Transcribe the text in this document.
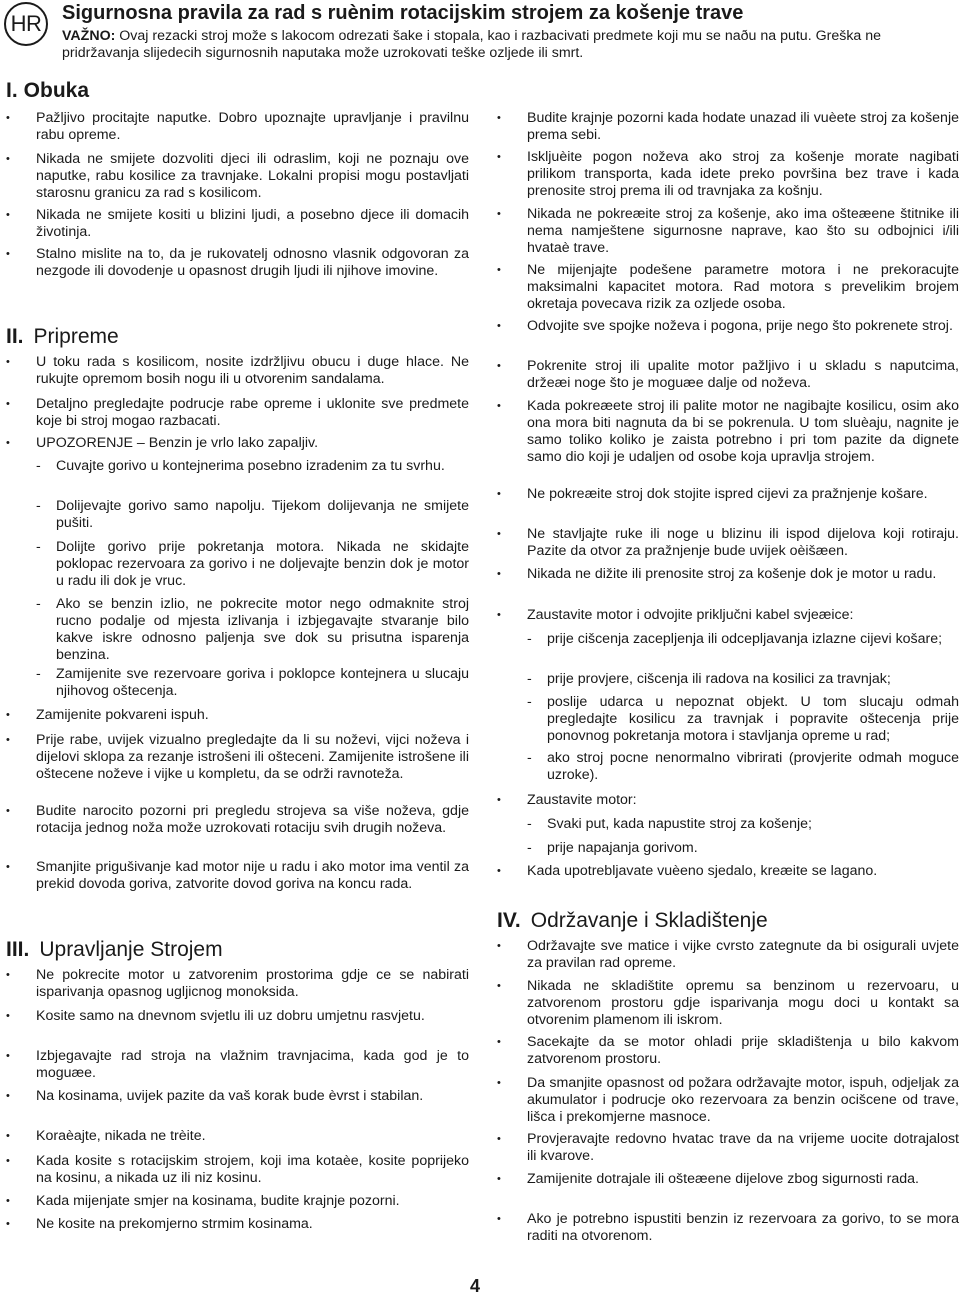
HR	Sigurnosna pravila za rad s ruènim rotacijskim strojem za košenje trave

VAŽNO: Ovaj rezacki stroj može s lakocom odrezati šake i stopala, kao i razbacivati predmete koji mu se naðu na putu. Greška ne pridržavanja slijedecih sigurnosnih naputaka može uzrokovati teške ozljede ili smrt.

I. Obuka
•	Pažljivo procitajte naputke. Dobro upoznajte upravljanje i pravilnu rabu opreme.
•	Nikada ne smijete dozvoliti djeci ili odraslim, koji ne poznaju ove naputke, rabu kosilice za travnjake. Lokalni propisi mogu postavljati starosnu granicu za rad s kosilicom.
•	Nikada ne smijete kositi u blizini ljudi, a posebno djece ili domacih životinja.
•	Stalno mislite na to, da je rukovatelj odnosno vlasnik odgovoran za nezgode ili dovodenje u opasnost drugih ljudi ili njihove imovine.
II. Pripreme
•	U toku rada s kosilicom, nosite izdržljivu obucu i duge hlace. Ne rukujte opremom bosih nogu ili u otvorenim sandalama.
•	Detaljno pregledajte podrucje rabe opreme i uklonite sve predmete koje bi stroj mogao razbacati.
•	UPOZORENJE – Benzin je vrlo lako zapaljiv.
-	Cuvajte gorivo u kontejnerima posebno izradenim za tu svrhu.
-	Dolijevajte gorivo samo napolju. Tijekom dolijevanja ne smijete pušiti.
-	Dolijte gorivo prije pokretanja motora. Nikada ne skidajte poklopac rezervoara za gorivo i ne doljevajte benzin dok je motor u radu ili dok je vruc.
-	Ako se benzin izlio, ne pokrecite motor nego odmaknite stroj rucno podalje od mjesta izlivanja i izbjegavajte stvaranje bilo kakve iskre odnosno paljenja sve dok su prisutna isparenja benzina.
-	Zamijenite sve rezervoare goriva i poklopce kontejnera u slucaju njihovog oštecenja.
•	Zamijenite pokvareni ispuh.
•	Prije rabe, uvijek vizualno pregledajte da li su noževi, vijci noževa i dijelovi sklopa za rezanje istrošeni ili ošteceni. Zamijenite istrošene ili oštecene noževe i vijke u kompletu, da se održi ravnoteža.
•	Budite narocito pozorni pri pregledu strojeva sa više noževa, gdje rotacija jednog noža može uzrokovati rotaciju svih drugih noževa.
•	Smanjite prigušivanje kad motor nije u radu i ako motor ima ventil za prekid dovoda goriva, zatvorite dovod goriva na koncu rada.
III. Upravljanje Strojem
•	Ne pokrecite motor u zatvorenim prostorima gdje ce se nabirati isparivanja opasnog ugljicnog monoksida.
•	Kosite samo na dnevnom svjetlu ili uz dobru umjetnu rasvjetu.
•	Izbjegavajte rad stroja na vlažnim travnjacima, kada god je to moguæe.
•	Na kosinama, uvijek pazite da vaš korak bude èvrst i stabilan.
•	Koraèajte, nikada ne trèite.
•	Kada kosite s rotacijskim strojem, koji ima kotaèe, kosite poprijeko na kosinu, a nikada uz ili niz kosinu.
•	Kada mijenjate smjer na kosinama, budite krajnje pozorni.
•	Ne kosite na prekomjerno strmim kosinama.
•	Budite krajnje pozorni kada hodate unazad ili vuèete stroj za košenje prema sebi.
•	Iskljuèite pogon noževa ako stroj za košenje morate nagibati prilikom transporta, kada idete preko površina bez trave i kada prenosite stroj prema ili od travnjaka za košnju.
•	Nikada ne pokreæite stroj za košenje, ako ima ošteæene štitnike ili nema namještene sigurnosne naprave, kao što su odbojnici i/ili hvataè trave.
•	Ne mijenjajte podešene parametre motora i ne prekoracujte maksimalni kapacitet motora. Rad motora s prevelikim brojem okretaja povecava rizik za ozljede osoba.
•	Odvojite sve spojke noževa i pogona, prije nego što pokrenete stroj.
•	Pokrenite stroj ili upalite motor pažljivo i u skladu s naputcima, držeæi noge što je moguæe dalje od noževa.
•	Kada pokreæete stroj ili palite motor ne nagibajte kosilicu, osim ako ona mora biti nagnuta da bi se pokrenula. U tom sluèaju, nagnite je samo toliko koliko je zaista potrebno i pri tom pazite da dignete samo dio koji je udaljen od osobe koja upravlja strojem.
•	Ne pokreæite stroj dok stojite ispred cijevi za pražnjenje košare.
•	Ne stavljajte ruke ili noge u blizinu ili ispod dijelova koji rotiraju. Pazite da otvor za pražnjenje bude uvijek oèišæen.
•	Nikada ne dižite ili prenosite stroj za košenje dok je motor u radu.
•	Zaustavite motor i odvojite priključni kabel svjeæice:
-	prije cišcenja zacepljenja ili odcepljavanja izlazne cijevi košare;
-	prije provjere, cišcenja ili radova na kosilici za travnjak;
-	poslije udarca u nepoznat objekt. U tom slucaju odmah pregledajte kosilicu za travnjak i popravite oštecenja prije ponovnog pokretanja motora i stavljanja opreme u rad;
-	ako stroj pocne nenormalno vibrirati (provjerite odmah moguce uzroke).
•	Zaustavite motor:
-	Svaki put, kada napustite stroj za košenje;
-	prije napajanja gorivom.
•	Kada upotrebljavate vuèeno sjedalo, kreæite se lagano.
IV. Održavanje i Skladištenje
•	Održavajte sve matice i vijke cvrsto zategnute da bi osigurali uvjete za pravilan rad opreme.
•	Nikada ne skladištite opremu sa benzinom u rezervoaru, u zatvorenom prostoru gdje isparivanja mogu doci u kontakt sa otvorenim plamenom ili iskrom.
•	Sacekajte da se motor ohladi prije skladištenja u bilo kakvom zatvorenom prostoru.
•	Da smanjite opasnost od požara održavajte motor, ispuh, odjeljak za akumulator i podrucje oko rezervoara za benzin ocišcene od trave, lišca i prekomjerne masnoce.
•	Provjeravajte redovno hvatac trave da na vrijeme uocite dotrajalost ili kvarove.
•	Zamijenite dotrajale ili ošteæene dijelove zbog sigurnosti rada.
•	Ako je potrebno ispustiti benzin iz rezervoara za gorivo, to se mora raditi na otvorenom.
4
